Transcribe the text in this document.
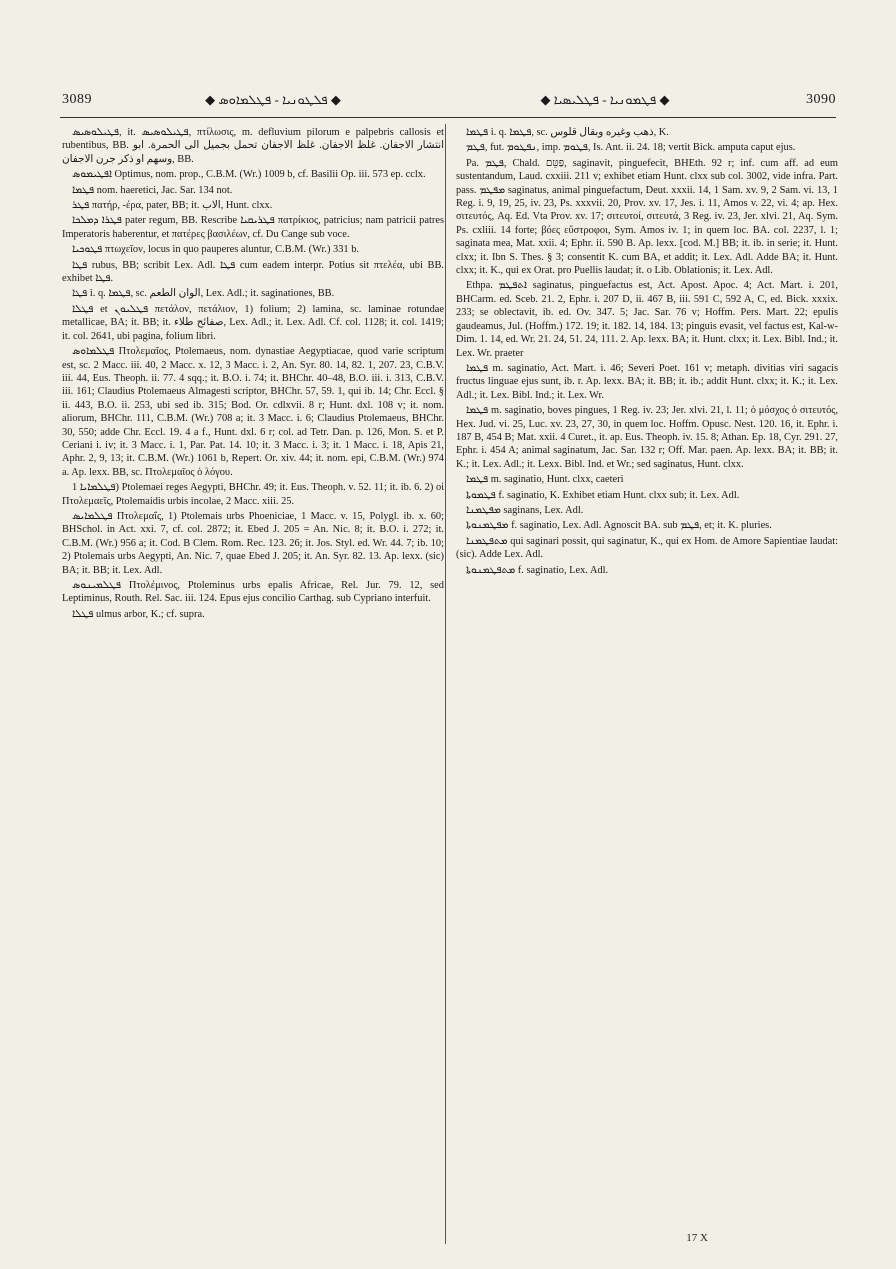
3089	◆ ܦܠܛܘܢܝܐ - ܦܛܠܡܐܘܣ ◆	◆ ܦܛܡܘܢܝܐ - ܦܛܠܝܣܝܐ ◆	3090

ܦܛܝܠܘܣܝܣ, it. ܦܛܝܠܘܣܝܣ, πτίλωσις, m. defluvium pilorum e palpebris callosis et rubentibus, BB. انتشار الاجفان. غلظ الاجفان. غلظ الاجفان تحمل بجميل الى الحمرة. ابو وسهم او ذكر جرن الاجفان, BB.

ܐܦܛܝܡܘܣ Optimus, nom. prop., C.B.M. (Wr.) 1009 b, cf. Basilii Op. iii. 573 ep. cclx.

ܦܛܡܐ nom. haeretici, Jac. Sar. 134 not.

ܦܛܪ πατήρ, -έρα, pater, BB; it. الاب, Hunt. clxx.

ܦܛܪܐ ܕܡܠܟܐ pater regum, BB. Rescribe ܦܛܪܝܩܝܐ πατρίκιος, patricius; nam patricii patres Imperatoris haberentur, et πατέρες βασιλέων, cf. Du Cange sub voce.

ܦܛܘܟܝܐ πτωχεῖον, locus in quo pauperes aluntur, C.B.M. (Wr.) 331 b.

ܦܛܐ rubus, BB; scribit Lex. Adl. ܦܛܐ cum eadem interpr. Potius sit πτελέα, ubi BB. exhibet ܦܛܐ.

ܦܛܐ i. q. ܦܛܡܐ, sc. الوان الطعم, Lex. Adl.; it. saginationes, BB.

ܦܛܠܐ et ܦܛܠܝܘܢ πετάλον, πετάλιον, 1) folium; 2) lamina, sc. laminae rotundae metallicae, BA; it. BB; it. صفائح طلاء, Lex. Adl.; it. Lex. Adl. Cf. col. 1128; it. col. 1419; it. col. 2641, ubi pagina, folium libri.

ܦܛܠܡܐܘܣ Πτολεμαῖος, Ptolemaeus, nom. dynastiae Aegyptiacae, quod varie scriptum est, sc. 2 Macc. iii. 40, 2 Macc. x. 12, 3 Macc. i. 2, An. Syr. 80. 14, 82. 1, 207. 23, C.B.V. iii. 44, Eus. Theoph. ii. 77. 4 sqq.; it. B.O. i. 74; it. BHChr. 40–48, B.O. iii. i. 313, C.B.V. iii. 161; Claudius Ptolemaeus Almagesti scriptor, BHChr. 57, 59. 1, qui ib. 14; Chr. Eccl. § ii. 443, B.O. ii. 253, ubi sed ib. 315; Bod. Or. cdlxvii. 8 r; Hunt. dxl. 108 v; it. nom. aliorum, BHChr. 111, C.B.M. (Wr.) 708 a; it. 3 Macc. i. 6; Claudius Ptolemaeus, BHChr. 30, 550; adde Chr. Eccl. 19. 4 a f., Hunt. dxl. 6 r; col. ad Tetr. Dan. p. 126, Mon. S. et P. Ceriani i. iv; it. 3 Macc. i. 1, Par. Pat. 14. 10; it. 3 Macc. i. 3; it. 1 Macc. i. 18, Apis 21, Aphr. 2, 9, 13; it. C.B.M. (Wr.) 1061 b, Repert. Or. xiv. 44; it. nom. epi, C.B.M. (Wr.) 974 a. Ap. lexx. BB, sc. Πτολεμαῖος ὁ λόγου.

ܦܛܠܡܐܝܐ 1) Ptolemaei reges Aegypti, BHChr. 49; it. Eus. Theoph. v. 52. 11; it. ib. 6. 2) οἱ Πτολεμαεῖς, Ptolemaidis urbis incolae, 2 Macc. xiii. 25.

ܦܛܠܡܐܝܣ Πτολεμαΐς, 1) Ptolemais urbs Phoeniciae, 1 Macc. v. 15, Polygl. ib. x. 60; BHSchol. in Act. xxi. 7, cf. col. 2872; it. Ebed J. 205 = An. Nic. 8; it. B.O. i. 272; it. C.B.M. (Wr.) 956 a; it. Cod. B Clem. Rom. Rec. 123. 26; it. Jos. Styl. ed. Wr. 44. 7; ib. 10; 2) Ptolemais urbs Aegypti, An. Nic. 7, quae Ebed J. 205; it. An. Syr. 82. 13. Ap. lexx. (sic) BA; it. BB; it. Lex. Adl.

ܦܛܠܡܝܢܘܣ Πτολέμινος, Ptoleminus urbs epalis Africae, Rel. Jur. 79. 12, sed Leptiminus, Routh. Rel. Sac. iii. 124. Epus ejus concilio Carthag. sub Cypriano interfuit.

ܦܛܠܐ ulmus arbor, K.; cf. supra.

ܦܛܡܐ i. q. ܦܛܡܐ, sc. ذهب وغيره وبقال قلوس, K.

ܦܛܡ, fut. ܢܦܛܘܡ, imp. ܦܛܘܡ, Is. Ant. ii. 24. 18; vertit Bick. amputa caput ejus.

Pa. ܦܛܡ, Chald. פַּטֵּם, saginavit, pinguefecit, BHEth. 92 r; inf. cum aff. ad eum sustentandum, Laud. cxxiii. 211 v; exhibet etiam Hunt. clxx sub col. 3002, vide infra. Part. pass. ܡܦܛܡ saginatus, animal pinguefactum, Deut. xxxii. 14, 1 Sam. xv. 9, 2 Sam. vi. 13, 1 Reg. i. 9, 19, 25, iv. 23, Ps. xxxvii. 20, Prov. xv. 17, Jes. i. 11, Amos v. 22, vi. 4; ap. Hex. σιτευτός, Aq. Ed. Vta Prov. xv. 17; σιτευτοί, σιτευτά, 3 Reg. iv. 23, Jer. xlvi. 21, Aq. Sym. Ps. cxliii. 14 forte; βόες εὔστροφοι, Sym. Amos iv. 1; in quem loc. BA. col. 2237, l. 1; saginata mea, Mat. xxii. 4; Ephr. ii. 590 B. Ap. lexx. [cod. M.] BB; it. ib. in serie; it. Hunt. clxx; it. Ibn S. Thes. § 3; consentit K. cum BA, et addit; it. Lex. Adl. Adde BA; it. Hunt. clxx; it. K., qui ex Orat. pro Puellis laudat; it. o Lib. Oblationis; it. Lex. Adl.

Ethpa. ܐܬܦܛܡ saginatus, pinguefactus est, Act. Apost. Apoc. 4; Act. Mart. i. 201, BHCarm. ed. Sceb. 21. 2, Ephr. i. 207 D, ii. 467 B, iii. 591 C, 592 A, C, ed. Bick. xxxix. 233; se oblectavit, ib. ed. Ov. 347. 5; Jac. Sar. 76 v; Hoffm. Pers. Mart. 22; epulis gaudeamus, Jul. (Hoffm.) 172. 19; it. 182. 14, 184. 13; pinguis evasit, vel factus est, Kal-w-Dim. 1. 14, ed. Wr. 21. 24, 51. 24, 111. 2. Ap. lexx. BA; it. Hunt. clxx; it. Lex. Bibl. Ind.; it. Lex. Wr. praeter

ܦܛܡܐ m. saginatio, Act. Mart. i. 46; Severi Poet. 161 v; metaph. divitias viri sagacis fructus linguae ejus sunt, ib. r. Ap. lexx. BA; it. BB; it. ib.; addit Hunt. clxx; it. K.; it. Lex. Adl.; it. Lex. Bibl. Ind.; it. Lex. Wr.

ܦܛܡܐ m. saginatio, boves pingues, 1 Reg. iv. 23; Jer. xlvi. 21, l. 11; ὁ μόσχος ὁ σιτευτός, Hex. Jud. vi. 25, Luc. xv. 23, 27, 30, in quem loc. Hoffm. Opusc. Nest. 120. 16, it. Ephr. i. 187 B, 454 B; Mat. xxii. 4 Curet., it. ap. Eus. Theoph. iv. 15. 8; Athan. Ep. 18, Cyr. 291. 27, Ephr. i. 454 A; animal saginatum, Jac. Sar. 132 r; Off. Mar. paen. Ap. lexx. BA; it. BB; it. K.; it. Lex. Adl.; it. Lexx. Bibl. Ind. et Wr.; sed saginatus, Hunt. clxx.

ܦܛܡܐ m. saginatio, Hunt. clxx, caeteri

ܦܛܡܘܬܐ f. saginatio, K. Exhibet etiam Hunt. clxx sub; it. Lex. Adl.

ܡܦܛܡܢܐ saginans, Lex. Adl.

ܡܦܛܡܢܘܬܐ f. saginatio, Lex. Adl. Agnoscit BA. sub ܦܛܡ, et; it. K. pluries.

ܡܬܦܛܡܢܐ qui saginari possit, qui saginatur, K., qui ex Hom. de Amore Sapientiae laudat: (sic). Adde Lex. Adl.

ܡܬܦܛܡܢܘܬܐ f. saginatio, Lex. Adl.

17 X
